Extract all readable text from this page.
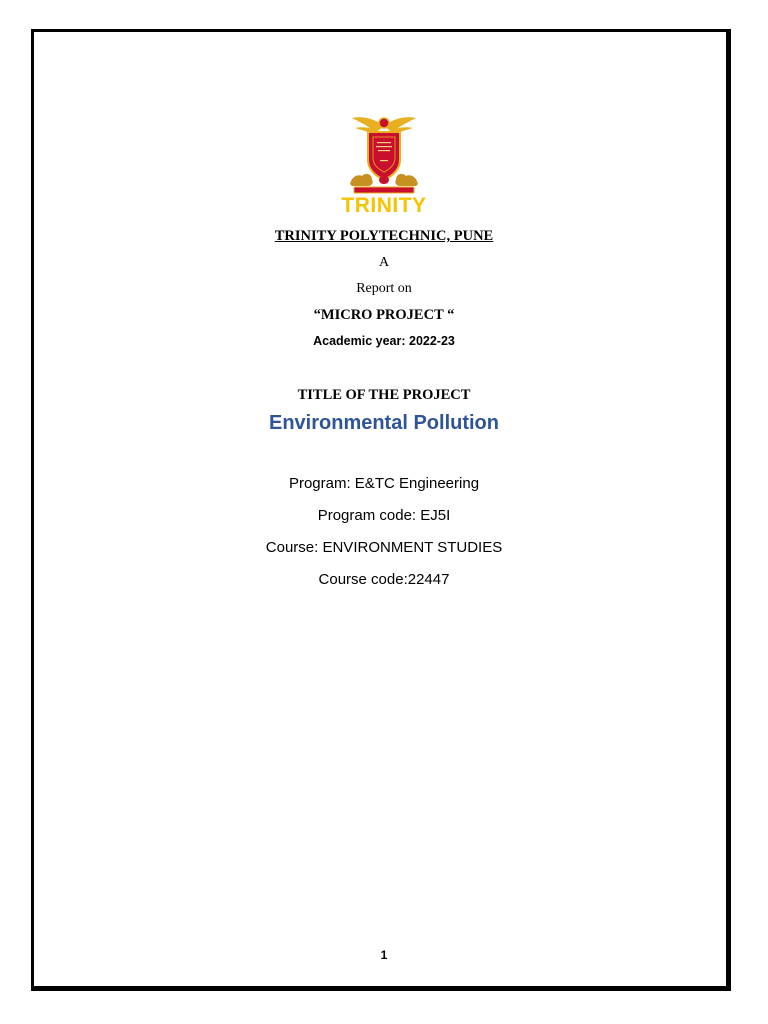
TRINITY
TRINITY POLYTECHNIC, PUNE
A
Report on
“MICRO PROJECT “
Academic year: 2022-23
TITLE OF THE PROJECT
Environmental Pollution
Program: E&TC Engineering
Program code: EJ5I
Course: ENVIRONMENT STUDIES
Course code:22447
1
